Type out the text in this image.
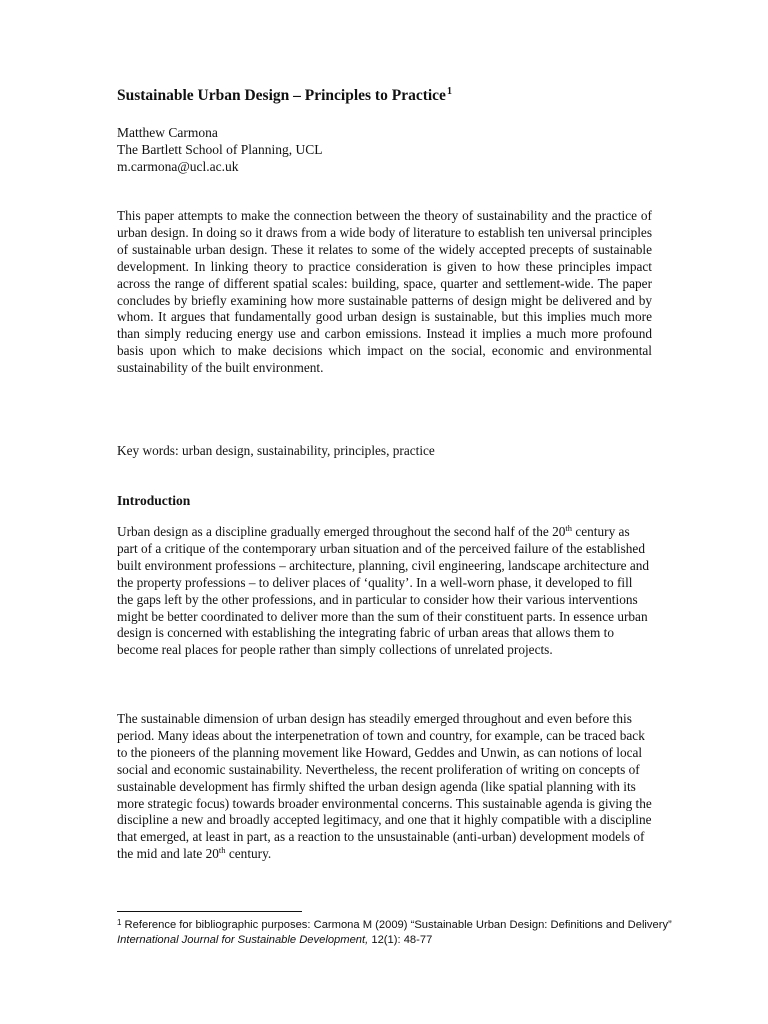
Sustainable Urban Design – Principles to Practice$^1$
Matthew Carmona
The Bartlett School of Planning, UCL
m.carmona@ucl.ac.uk

This paper attempts to make the connection between the theory of sustainability and the practice of urban design. In doing so it draws from a wide body of literature to establish ten universal principles of sustainable urban design. These it relates to some of the widely accepted precepts of sustainable development. In linking theory to practice consideration is given to how these principles impact across the range of different spatial scales: building, space, quarter and settlement-wide. The paper concludes by briefly examining how more sustainable patterns of design might be delivered and by whom. It argues that fundamentally good urban design is sustainable, but this implies much more than simply reducing energy use and carbon emissions. Instead it implies a much more profound basis upon which to make decisions which impact on the social, economic and environmental sustainability of the built environment.

Key words: urban design, sustainability, principles, practice

Introduction

Urban design as a discipline gradually emerged throughout the second half of the 20th century as part of a critique of the contemporary urban situation and of the perceived failure of the established built environment professions – architecture, planning, civil engineering, landscape architecture and the property professions – to deliver places of ‘quality’. In a well-worn phase, it developed to fill the gaps left by the other professions, and in particular to consider how their various interventions might be better coordinated to deliver more than the sum of their constituent parts. In essence urban design is concerned with establishing the integrating fabric of urban areas that allows them to become real places for people rather than simply collections of unrelated projects.

The sustainable dimension of urban design has steadily emerged throughout and even before this period. Many ideas about the interpenetration of town and country, for example, can be traced back to the pioneers of the planning movement like Howard, Geddes and Unwin, as can notions of local social and economic sustainability. Nevertheless, the recent proliferation of writing on concepts of sustainable development has firmly shifted the urban design agenda (like spatial planning with its more strategic focus) towards broader environmental concerns. This sustainable agenda is giving the discipline a new and broadly accepted legitimacy, and one that it highly compatible with a discipline that emerged, at least in part, as a reaction to the unsustainable (anti-urban) development models of the mid and late 20th century.

$^1$ Reference for bibliographic purposes: Carmona M (2009) “Sustainable Urban Design: Definitions and Delivery” International Journal for Sustainable Development, 12(1): 48-77
